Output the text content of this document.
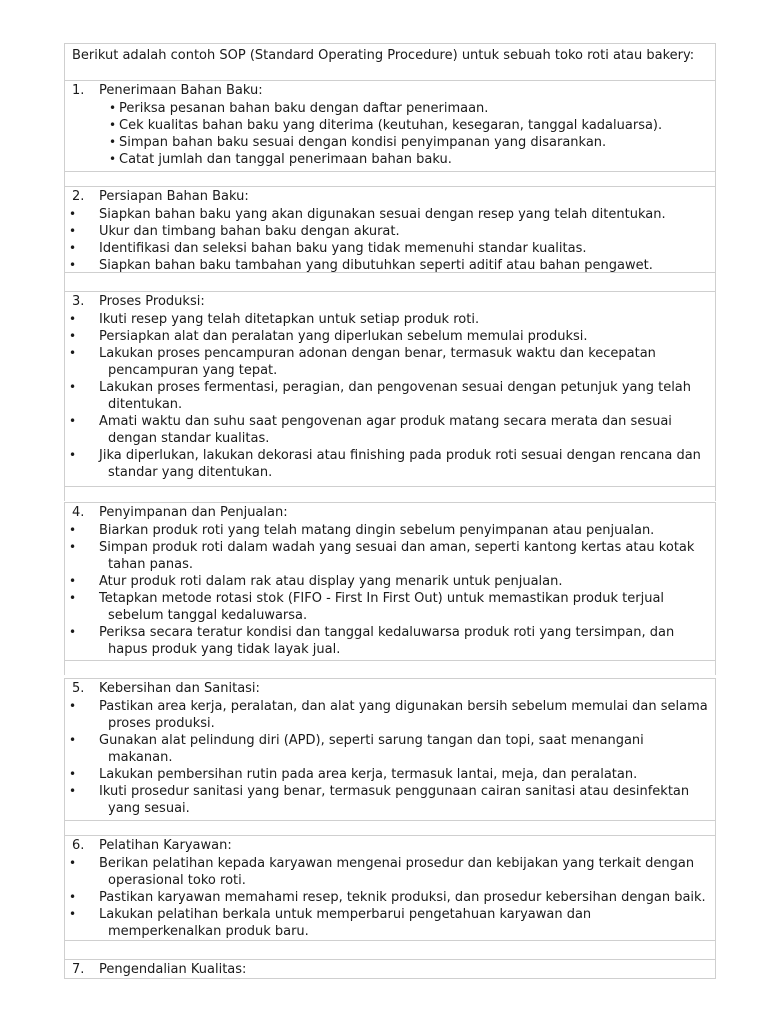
Berikut adalah contoh SOP (Standard Operating Procedure) untuk sebuah toko roti atau bakery:
1.	Penerimaan Bahan Baku:
• Periksa pesanan bahan baku dengan daftar penerimaan.
• Cek kualitas bahan baku yang diterima (keutuhan, kesegaran, tanggal kadaluarsa).
• Simpan bahan baku sesuai dengan kondisi penyimpanan yang disarankan.
• Catat jumlah dan tanggal penerimaan bahan baku.
2.	Persiapan Bahan Baku:
•	Siapkan bahan baku yang akan digunakan sesuai dengan resep yang telah ditentukan.
•	Ukur dan timbang bahan baku dengan akurat.
•	Identifikasi dan seleksi bahan baku yang tidak memenuhi standar kualitas.
•	Siapkan bahan baku tambahan yang dibutuhkan seperti aditif atau bahan pengawet.
3.	Proses Produksi:
•	Ikuti resep yang telah ditetapkan untuk setiap produk roti.
•	Persiapkan alat dan peralatan yang diperlukan sebelum memulai produksi.
•	Lakukan proses pencampuran adonan dengan benar, termasuk waktu dan kecepatan
pencampuran yang tepat.
•	Lakukan proses fermentasi, peragian, dan pengovenan sesuai dengan petunjuk yang telah
ditentukan.
•	Amati waktu dan suhu saat pengovenan agar produk matang secara merata dan sesuai
dengan standar kualitas.
•	Jika diperlukan, lakukan dekorasi atau finishing pada produk roti sesuai dengan rencana dan
standar yang ditentukan.
4.	Penyimpanan dan Penjualan:
•	Biarkan produk roti yang telah matang dingin sebelum penyimpanan atau penjualan.
•	Simpan produk roti dalam wadah yang sesuai dan aman, seperti kantong kertas atau kotak
tahan panas.
•	Atur produk roti dalam rak atau display yang menarik untuk penjualan.
•	Tetapkan metode rotasi stok (FIFO - First In First Out) untuk memastikan produk terjual
sebelum tanggal kedaluwarsa.
•	Periksa secara teratur kondisi dan tanggal kedaluwarsa produk roti yang tersimpan, dan
hapus produk yang tidak layak jual.
5.	Kebersihan dan Sanitasi:
•	Pastikan area kerja, peralatan, dan alat yang digunakan bersih sebelum memulai dan selama
proses produksi.
•	Gunakan alat pelindung diri (APD), seperti sarung tangan dan topi, saat menangani
makanan.
•	Lakukan pembersihan rutin pada area kerja, termasuk lantai, meja, dan peralatan.
•	Ikuti prosedur sanitasi yang benar, termasuk penggunaan cairan sanitasi atau desinfektan
yang sesuai.
6.	Pelatihan Karyawan:
•	Berikan pelatihan kepada karyawan mengenai prosedur dan kebijakan yang terkait dengan
operasional toko roti.
•	Pastikan karyawan memahami resep, teknik produksi, dan prosedur kebersihan dengan baik.
•	Lakukan pelatihan berkala untuk memperbarui pengetahuan karyawan dan
memperkenalkan produk baru.
7.	Pengendalian Kualitas:
